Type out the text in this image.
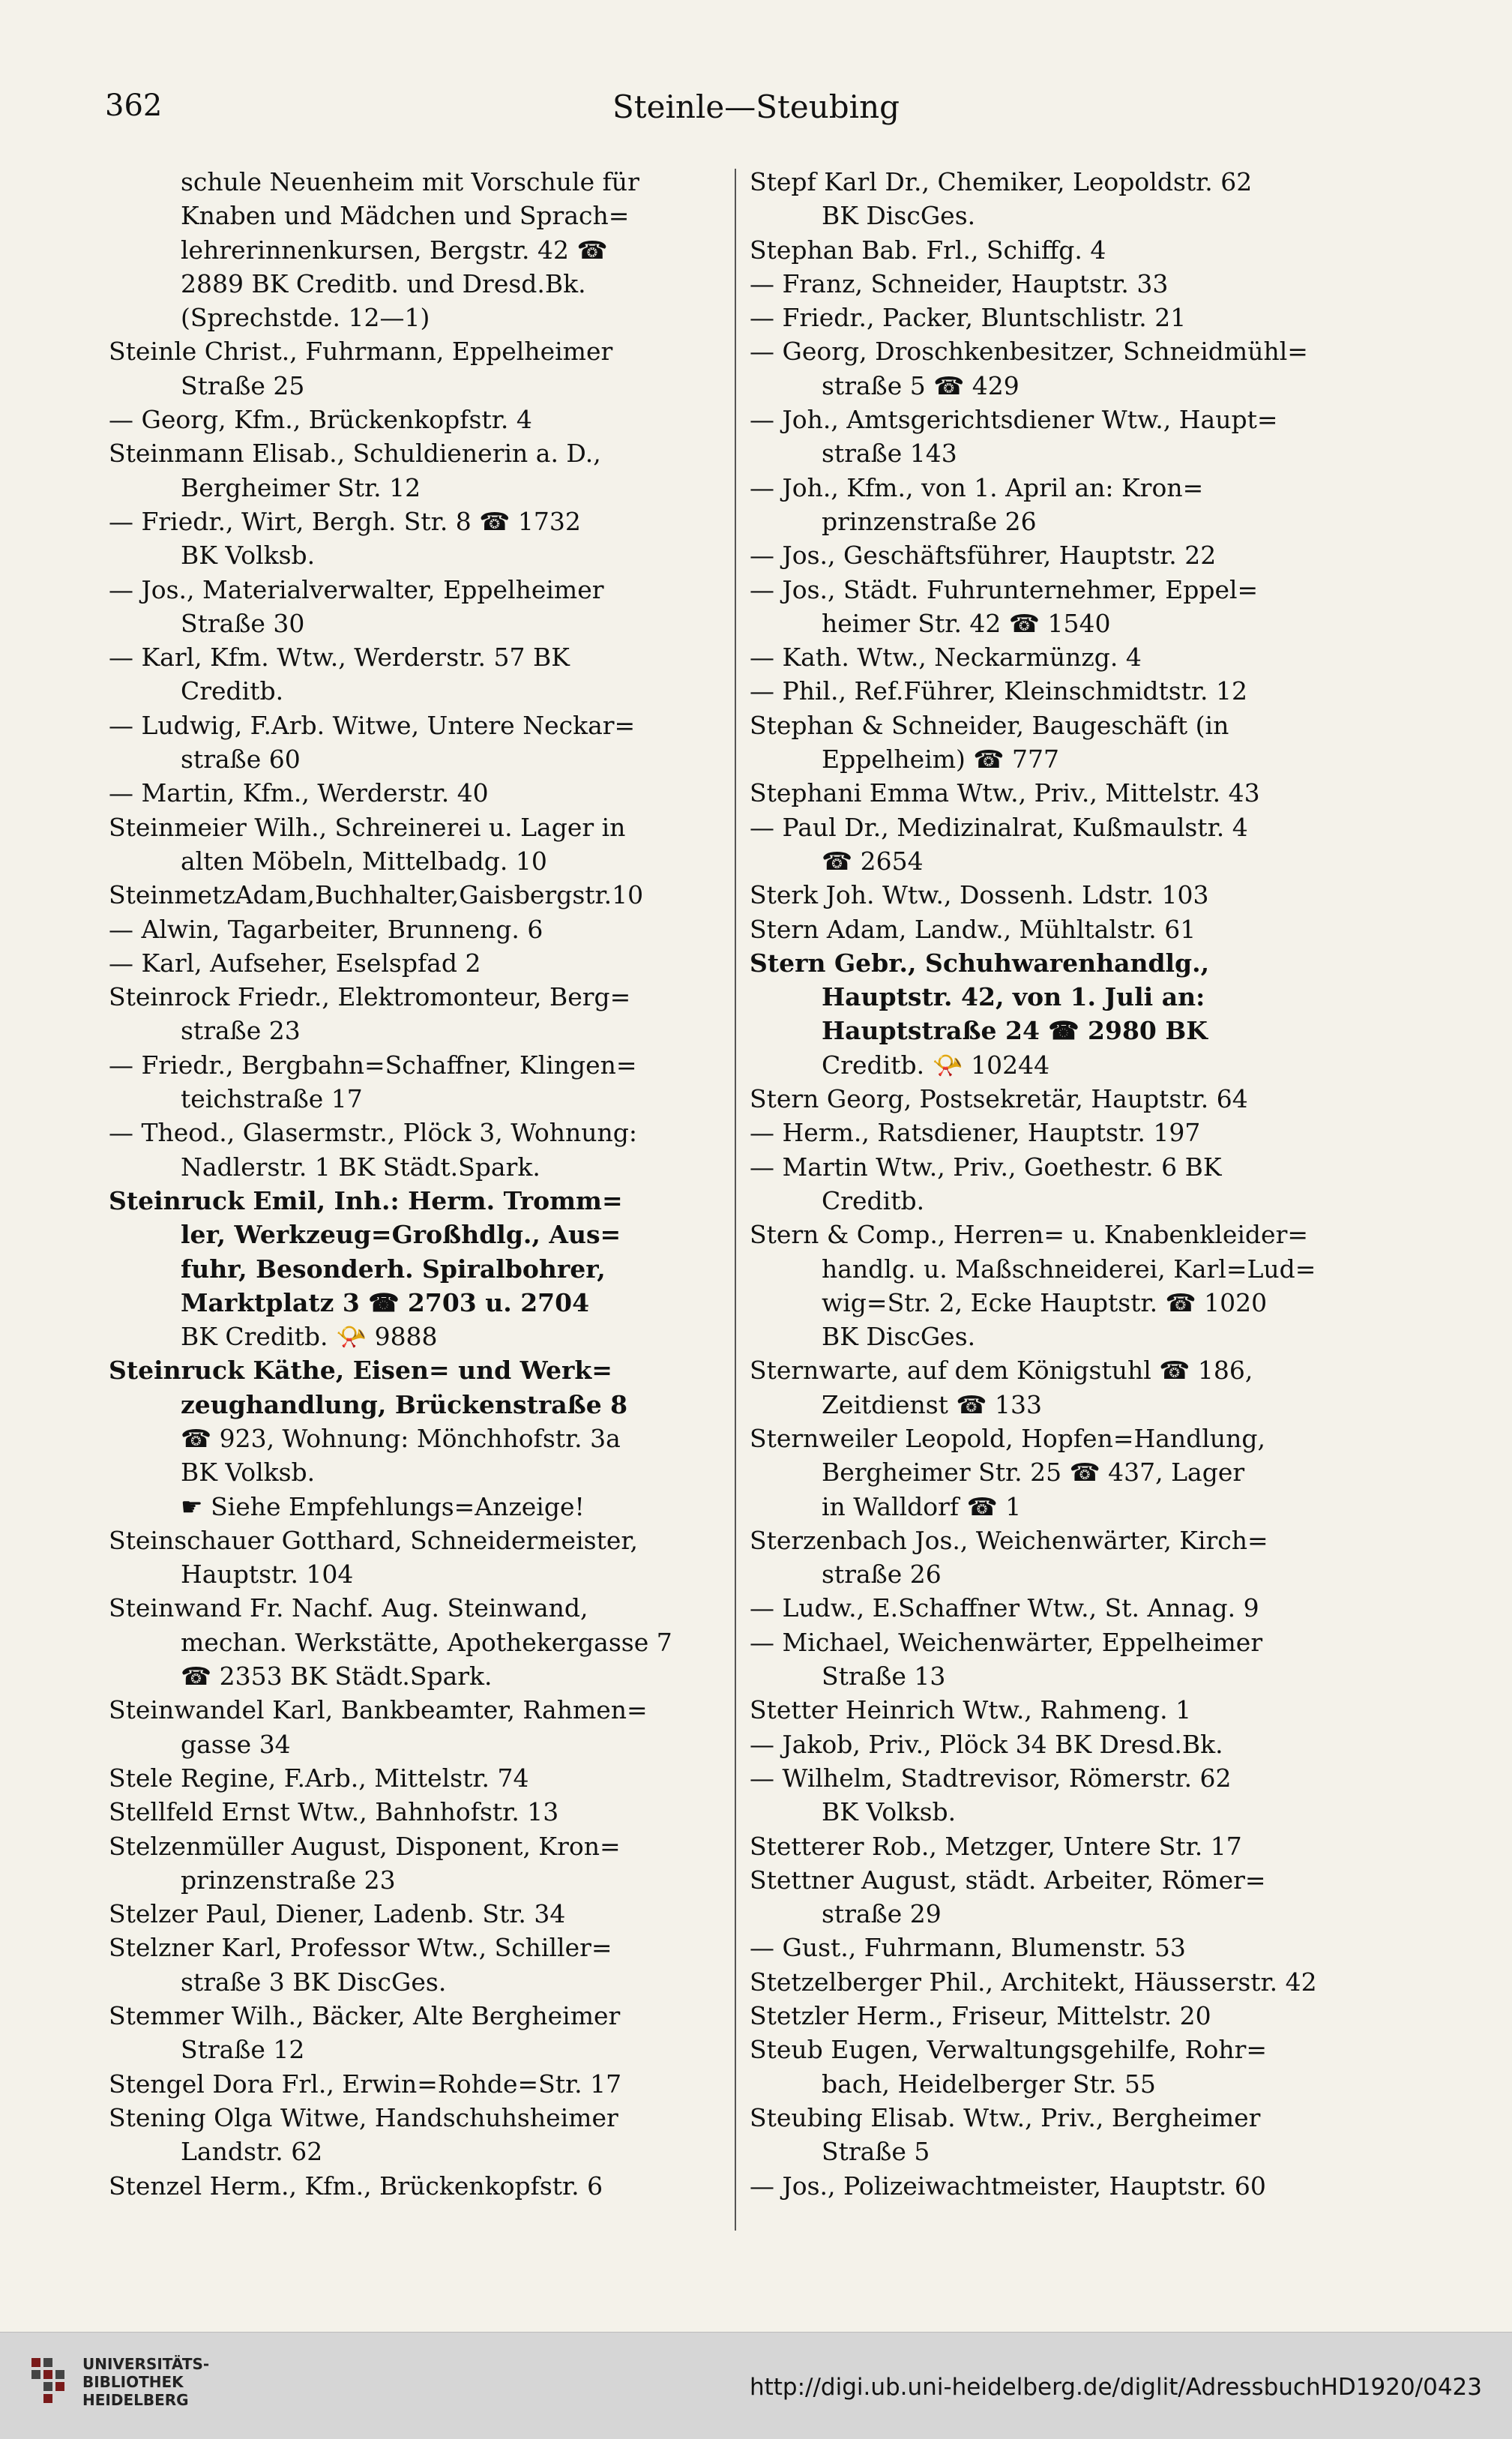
362	Steinle—Steubing
schule Neuenheim mit Vorschule für
Knaben und Mädchen und Sprach=
lehrerinnenkursen, Bergstr. 42 ☎
2889 BK Creditb. und Dresd.Bk.
(Sprechstde. 12—1)
Steinle Christ., Fuhrmann, Eppelheimer
Straße 25
— Georg, Kfm., Brückenkopfstr. 4
Steinmann Elisab., Schuldienerin a. D.,
Bergheimer Str. 12
— Friedr., Wirt, Bergh. Str. 8 ☎ 1732
BK Volksb.
— Jos., Materialverwalter, Eppelheimer
Straße 30
— Karl, Kfm. Wtw., Werderstr. 57 BK
Creditb.
— Ludwig, F.Arb. Witwe, Untere Neckar=
straße 60
— Martin, Kfm., Werderstr. 40
Steinmeier Wilh., Schreinerei u. Lager in
alten Möbeln, Mittelbadg. 10
SteinmetzAdam,Buchhalter,Gaisbergstr.10
— Alwin, Tagarbeiter, Brunneng. 6
— Karl, Aufseher, Eselspfad 2
Steinrock Friedr., Elektromonteur, Berg=
straße 23
— Friedr., Bergbahn=Schaffner, Klingen=
teichstraße 17
— Theod., Glasermstr., Plöck 3, Wohnung:
Nadlerstr. 1 BK Städt.Spark.
Steinruck Emil, Inh.: Herm. Tromm=
ler, Werkzeug=Großhdlg., Aus=
fuhr, Besonderh. Spiralbohrer,
Marktplatz 3 ☎ 2703 u. 2704
BK Creditb. 📯 9888
Steinruck Käthe, Eisen= und Werk=
zeughandlung, Brückenstraße 8
☎ 923, Wohnung: Mönchhofstr. 3a
BK Volksb.
☛ Siehe Empfehlungs=Anzeige!
Steinschauer Gotthard, Schneidermeister,
Hauptstr. 104
Steinwand Fr. Nachf. Aug. Steinwand,
mechan. Werkstätte, Apothekergasse 7
☎ 2353 BK Städt.Spark.
Steinwandel Karl, Bankbeamter, Rahmen=
gasse 34
Stele Regine, F.Arb., Mittelstr. 74
Stellfeld Ernst Wtw., Bahnhofstr. 13
Stelzenmüller August, Disponent, Kron=
prinzenstraße 23
Stelzer Paul, Diener, Ladenb. Str. 34
Stelzner Karl, Professor Wtw., Schiller=
straße 3 BK DiscGes.
Stemmer Wilh., Bäcker, Alte Bergheimer
Straße 12
Stengel Dora Frl., Erwin=Rohde=Str. 17
Stening Olga Witwe, Handschuhsheimer
Landstr. 62
Stenzel Herm., Kfm., Brückenkopfstr. 6
Stepf Karl Dr., Chemiker, Leopoldstr. 62
BK DiscGes.
Stephan Bab. Frl., Schiffg. 4
— Franz, Schneider, Hauptstr. 33
— Friedr., Packer, Bluntschlistr. 21
— Georg, Droschkenbesitzer, Schneidmühl=
straße 5 ☎ 429
— Joh., Amtsgerichtsdiener Wtw., Haupt=
straße 143
— Joh., Kfm., von 1. April an: Kron=
prinzenstraße 26
— Jos., Geschäftsführer, Hauptstr. 22
— Jos., Städt. Fuhrunternehmer, Eppel=
heimer Str. 42 ☎ 1540
— Kath. Wtw., Neckarmünzg. 4
— Phil., Ref.Führer, Kleinschmidtstr. 12
Stephan & Schneider, Baugeschäft (in
Eppelheim) ☎ 777
Stephani Emma Wtw., Priv., Mittelstr. 43
— Paul Dr., Medizinalrat, Kußmaulstr. 4
☎ 2654
Sterk Joh. Wtw., Dossenh. Ldstr. 103
Stern Adam, Landw., Mühltalstr. 61
Stern Gebr., Schuhwarenhandlg.,
Hauptstr. 42, von 1. Juli an:
Hauptstraße 24 ☎ 2980 BK
Creditb. 📯 10244
Stern Georg, Postsekretär, Hauptstr. 64
— Herm., Ratsdiener, Hauptstr. 197
— Martin Wtw., Priv., Goethestr. 6 BK
Creditb.
Stern & Comp., Herren= u. Knabenkleider=
handlg. u. Maßschneiderei, Karl=Lud=
wig=Str. 2, Ecke Hauptstr. ☎ 1020
BK DiscGes.
Sternwarte, auf dem Königstuhl ☎ 186,
Zeitdienst ☎ 133
Sternweiler Leopold, Hopfen=Handlung,
Bergheimer Str. 25 ☎ 437, Lager
in Walldorf ☎ 1
Sterzenbach Jos., Weichenwärter, Kirch=
straße 26
— Ludw., E.Schaffner Wtw., St. Annag. 9
— Michael, Weichenwärter, Eppelheimer
Straße 13
Stetter Heinrich Wtw., Rahmeng. 1
— Jakob, Priv., Plöck 34 BK Dresd.Bk.
— Wilhelm, Stadtrevisor, Römerstr. 62
BK Volksb.
Stetterer Rob., Metzger, Untere Str. 17
Stettner August, städt. Arbeiter, Römer=
straße 29
— Gust., Fuhrmann, Blumenstr. 53
Stetzelberger Phil., Architekt, Häusserstr. 42
Stetzler Herm., Friseur, Mittelstr. 20
Steub Eugen, Verwaltungsgehilfe, Rohr=
bach, Heidelberger Str. 55
Steubing Elisab. Wtw., Priv., Bergheimer
Straße 5
— Jos., Polizeiwachtmeister, Hauptstr. 60
UNIVERSITÄTS-
BIBLIOTHEK
HEIDELBERG	http://digi.ub.uni-heidelberg.de/diglit/AdressbuchHD1920/0423
